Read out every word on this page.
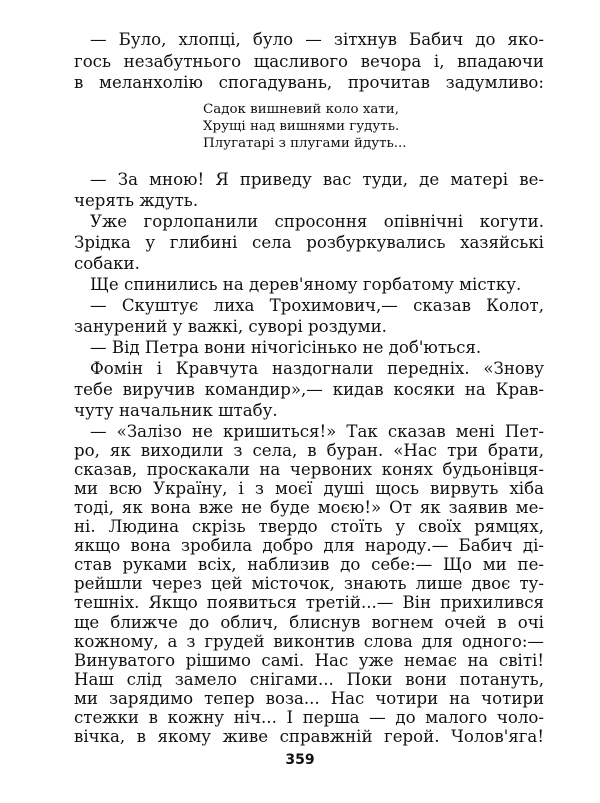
— Було, хлопці, було — зітхнув Бабич до яко-
гось незабутнього щасливого вечора і, впадаючи
в меланхолію спогадувань, прочитав задумливо:
Садок вишневий коло хати,
Хрущі над вишнями гудуть.
Плугатарі з плугами йдуть...
— За мною! Я приведу вас туди, де матері ве-
черять ждуть.
Уже горлопанили спросоння опівнічні когути.
Зрідка у глибині села розбуркувались хазяйські
собаки.
Ще спинились на дерев'яному горбатому містку.
— Скуштує лиха Трохимович,— сказав Колот,
занурений у важкі, суворі роздуми.
— Від Петра вони нічогісінько не доб'ються.
Фомін і Кравчута наздогнали передніх. «Знову
тебе виручив командир»,— кидав косяки на Крав-
чуту начальник штабу.
— «Залізо не кришиться!» Так сказав мені Пет-
ро, як виходили з села, в буран. «Нас три брати,
сказав, проскакали на червоних конях будьонівця-
ми всю Україну, і з моєї душі щось вирвуть хіба
тоді, як вона вже не буде моєю!» От як заявив ме-
ні. Людина скрізь твердо стоїть у своїх рямцях,
якщо вона зробила добро для народу.— Бабич ді-
став руками всіх, наблизив до себе:— Що ми пе-
рейшли через цей місточок, знають лише двоє ту-
тешніх. Якщо появиться третій...— Він прихилився
ще ближче до облич, блиснув вогнем очей в очі
кожному, а з грудей виконтив слова для одного:—
Винуватого рішимо самі. Нас уже немає на світі!
Наш слід замело снігами... Поки вони потануть,
ми зарядимо тепер воза... Нас чотири на чотири
стежки в кожну ніч... І перша — до малого чоло-
вічка, в якому живе справжній герой. Чолов'яга!
359
